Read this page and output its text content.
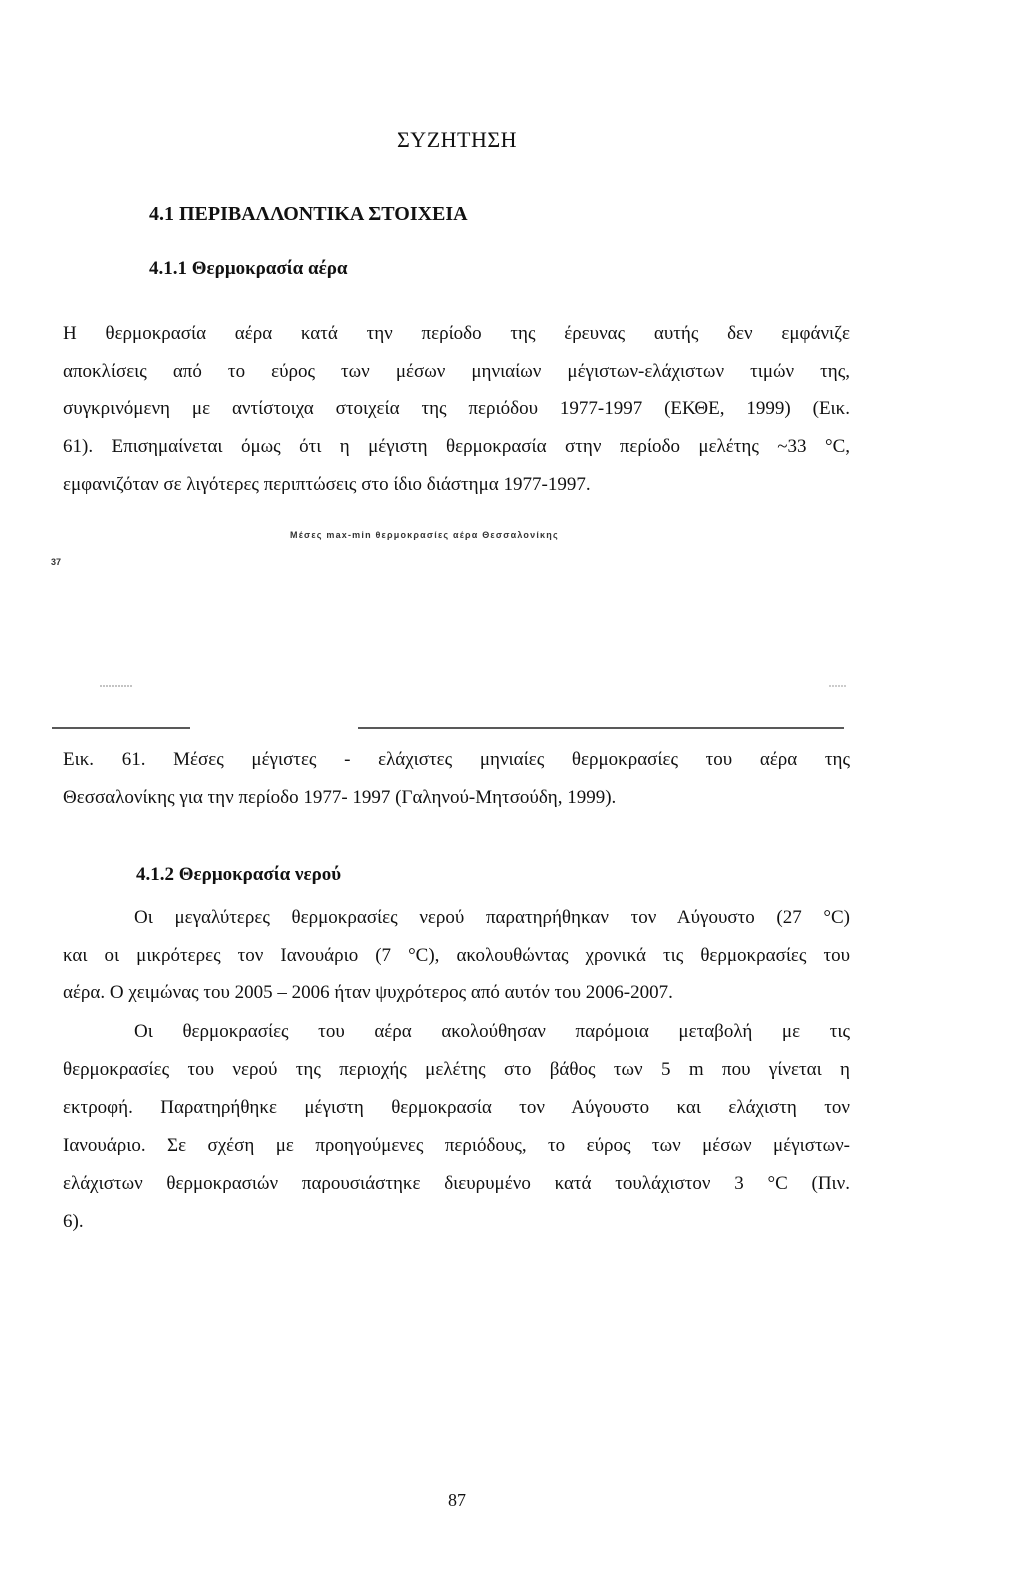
ΣΥΖΗΤΗΣΗ
4.1 ΠΕΡΙΒΑΛΛΟΝΤΙΚΑ ΣΤΟΙΧΕΙΑ
4.1.1 Θερμοκρασία αέρα
Η θερμοκρασία αέρα κατά την περίοδο της έρευνας αυτής δεν εμφάνιζε
αποκλίσεις από το εύρος των μέσων μηνιαίων μέγιστων-ελάχιστων τιμών της,
συγκρινόμενη με αντίστοιχα στοιχεία της περιόδου 1977-1997 (ΕΚΘΕ, 1999) (Εικ.
61). Επισημαίνεται όμως ότι η μέγιστη θερμοκρασία στην περίοδο μελέτης ~33 °C,
εμφανιζόταν σε λιγότερες περιπτώσεις στο ίδιο διάστημα 1977-1997.
Μέσες max-min θερμοκρασίες αέρα Θεσσαλονίκης
37
Εικ. 61. Μέσες μέγιστες - ελάχιστες μηνιαίες θερμοκρασίες του αέρα της
Θεσσαλονίκης για την περίοδο 1977- 1997 (Γαληνού-Μητσούδη, 1999).
4.1.2 Θερμοκρασία νερού
Οι μεγαλύτερες θερμοκρασίες νερού παρατηρήθηκαν τον Αύγουστο (27 °C)
και οι μικρότερες τον Ιανουάριο (7 °C), ακολουθώντας χρονικά τις θερμοκρασίες του
αέρα. Ο χειμώνας του 2005 – 2006 ήταν ψυχρότερος από αυτόν του 2006-2007.
Οι θερμοκρασίες του αέρα ακολούθησαν παρόμοια μεταβολή με τις
θερμοκρασίες του νερού της περιοχής μελέτης στο βάθος των 5 m που γίνεται η
εκτροφή. Παρατηρήθηκε μέγιστη θερμοκρασία τον Αύγουστο και ελάχιστη τον
Ιανουάριο. Σε σχέση με προηγούμενες περιόδους, το εύρος των μέσων μέγιστων-
ελάχιστων θερμοκρασιών παρουσιάστηκε διευρυμένο κατά τουλάχιστον 3 °C (Πιν.
6).
87
